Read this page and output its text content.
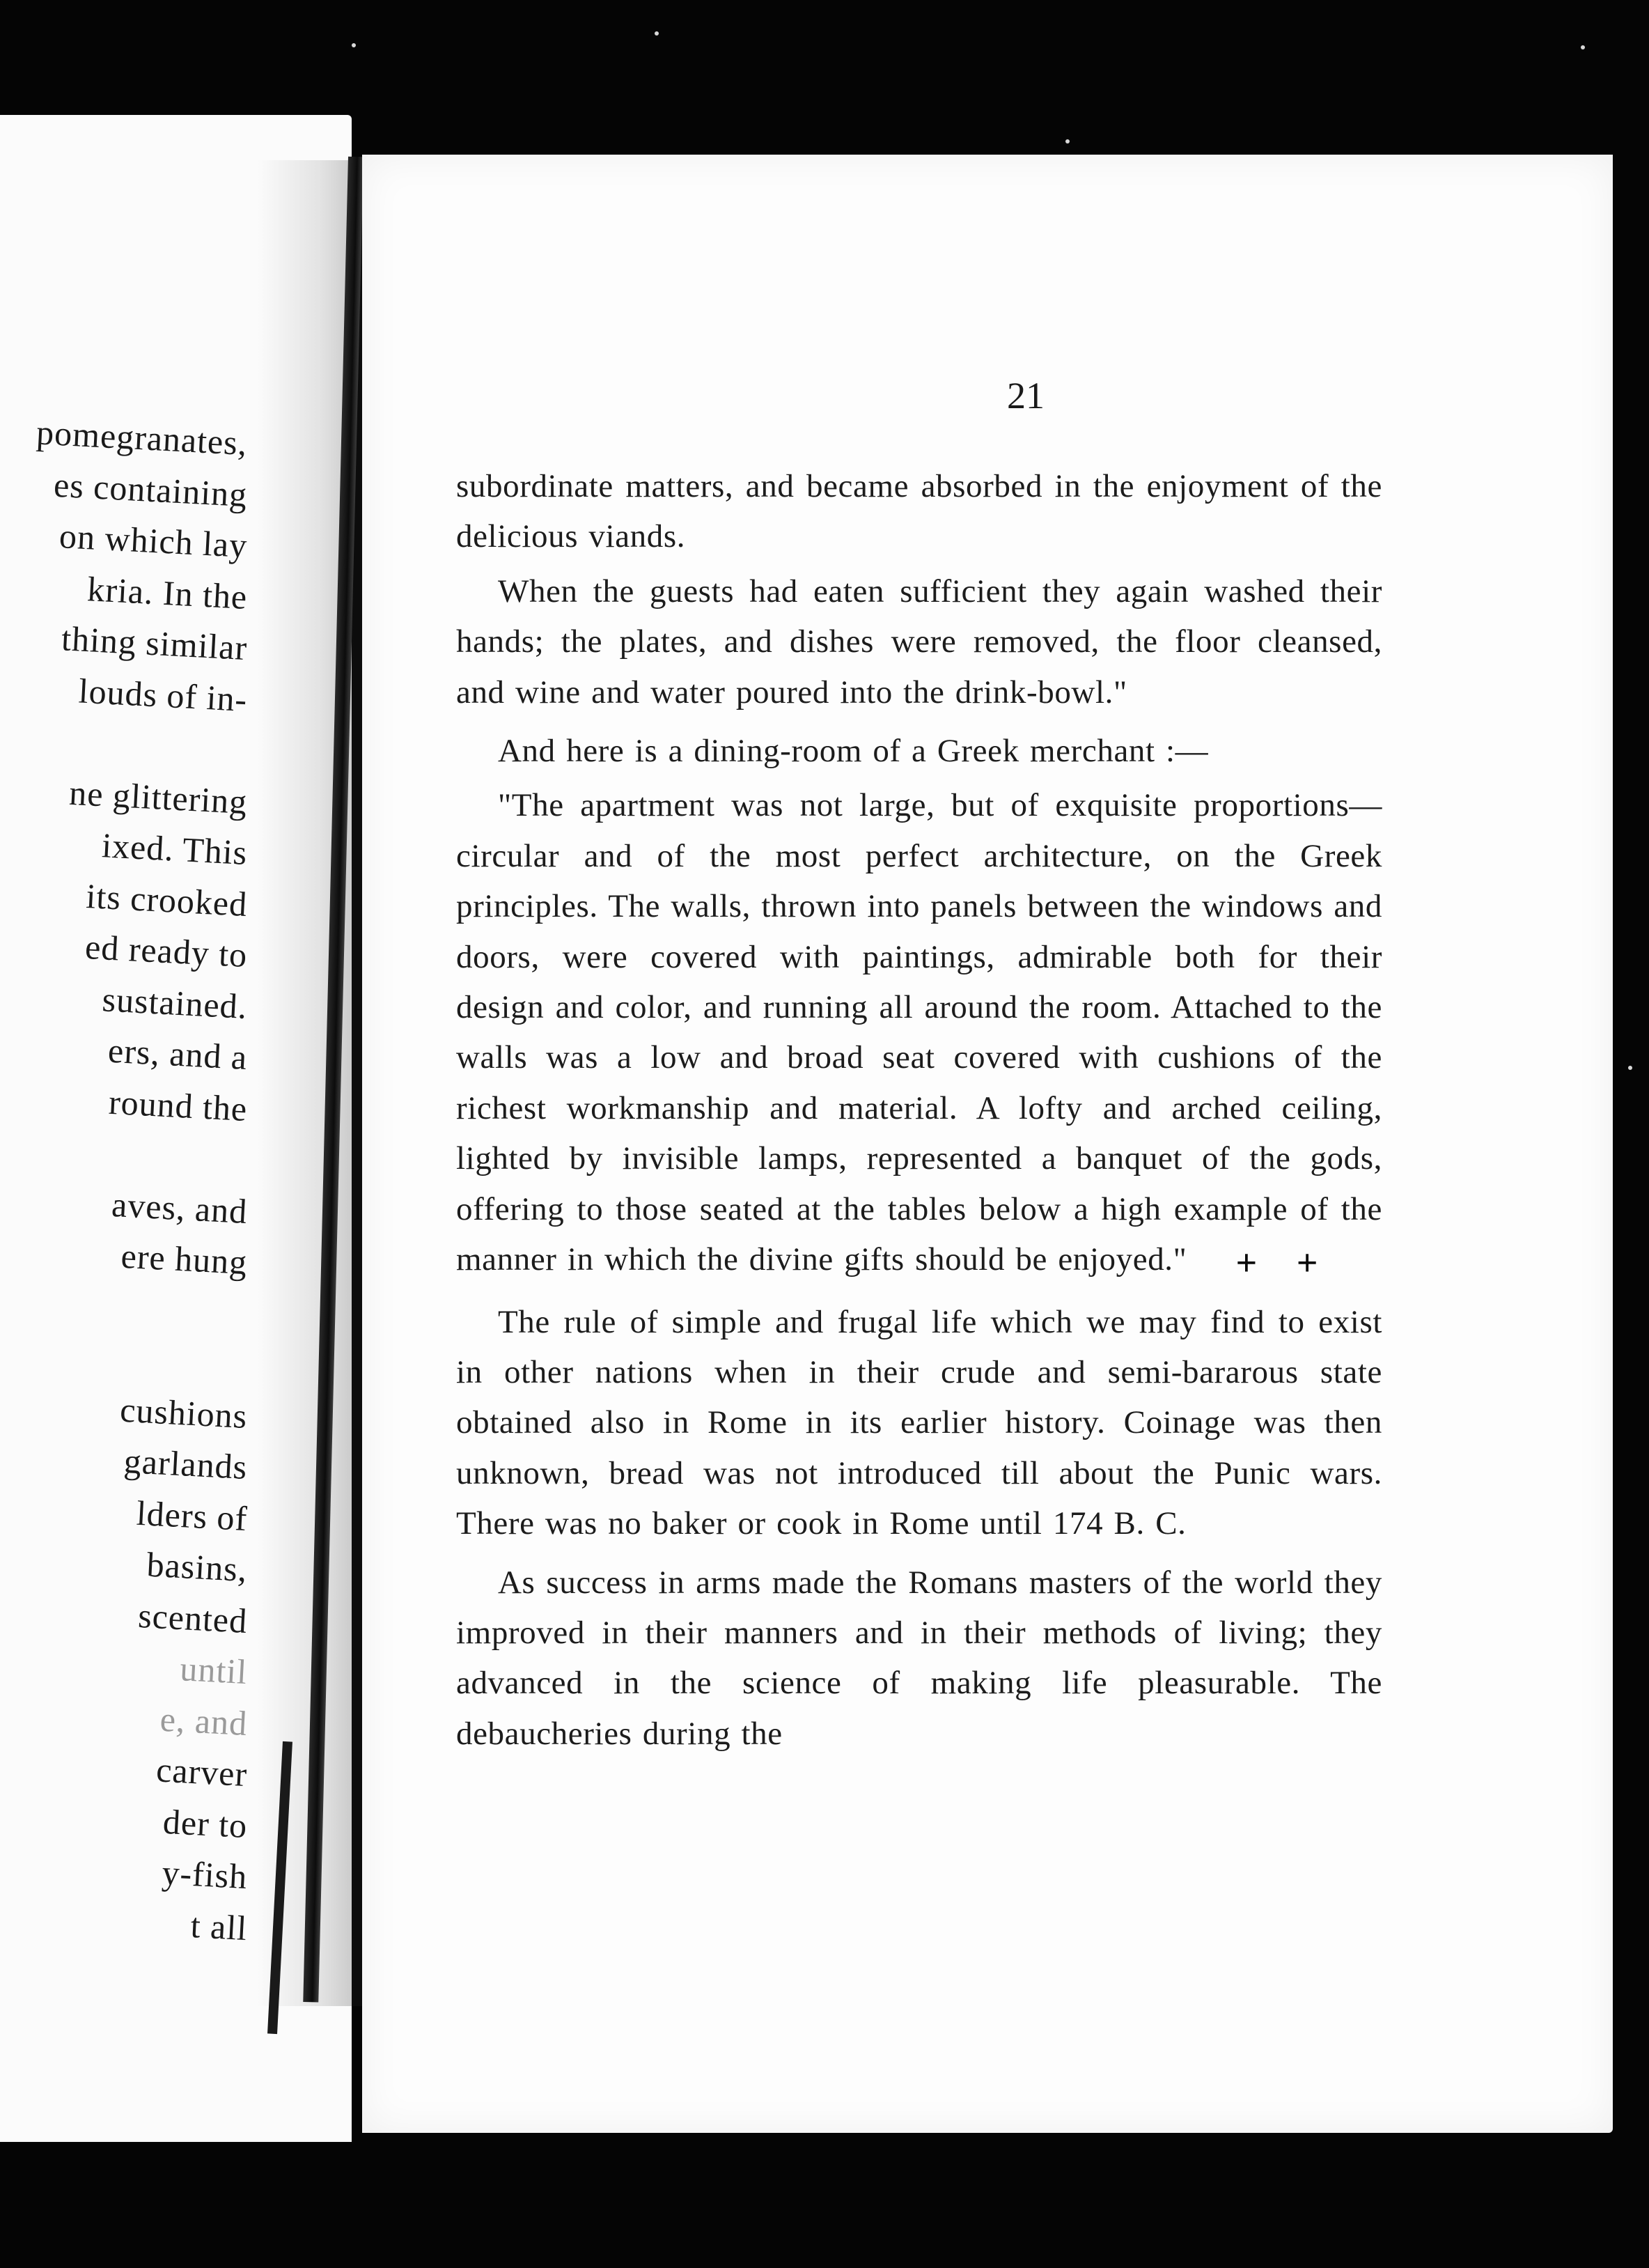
pomegranates,
es containing
on which lay
kria. In the
thing similar
louds of in-
ne glittering
ixed. This
its crooked
ed ready to
sustained.
ers, and a
round the
aves, and
ere hung
cushions
garlands
lders of
basins,
scented
until
e, and
carver
der to
y-fish
t all
21

subordinate matters, and became absorbed in the enjoyment of the delicious viands.

When the guests had eaten sufficient they again washed their hands; the plates, and dishes were removed, the floor cleansed, and wine and water poured into the drink-bowl."

And here is a dining-room of a Greek merchant :—

"The apartment was not large, but of exquisite proportions—circular and of the most perfect architecture, on the Greek principles. The walls, thrown into panels between the windows and doors, were covered with paintings, admirable both for their design and color, and running all around the room. Attached to the walls was a low and broad seat covered with cushions of the richest workmanship and material. A lofty and arched ceiling, lighted by invisible lamps, represented a banquet of the gods, offering to those seated at the tables below a high example of the manner in which the divine gifts should be enjoyed." + +

The rule of simple and frugal life which we may find to exist in other nations when in their crude and semi-bararous state obtained also in Rome in its earlier history. Coinage was then unknown, bread was not introduced till about the Punic wars. There was no baker or cook in Rome until 174 B. C.

As success in arms made the Romans masters of the world they improved in their manners and in their methods of living; they advanced in the science of making life pleasurable. The debaucheries during the
